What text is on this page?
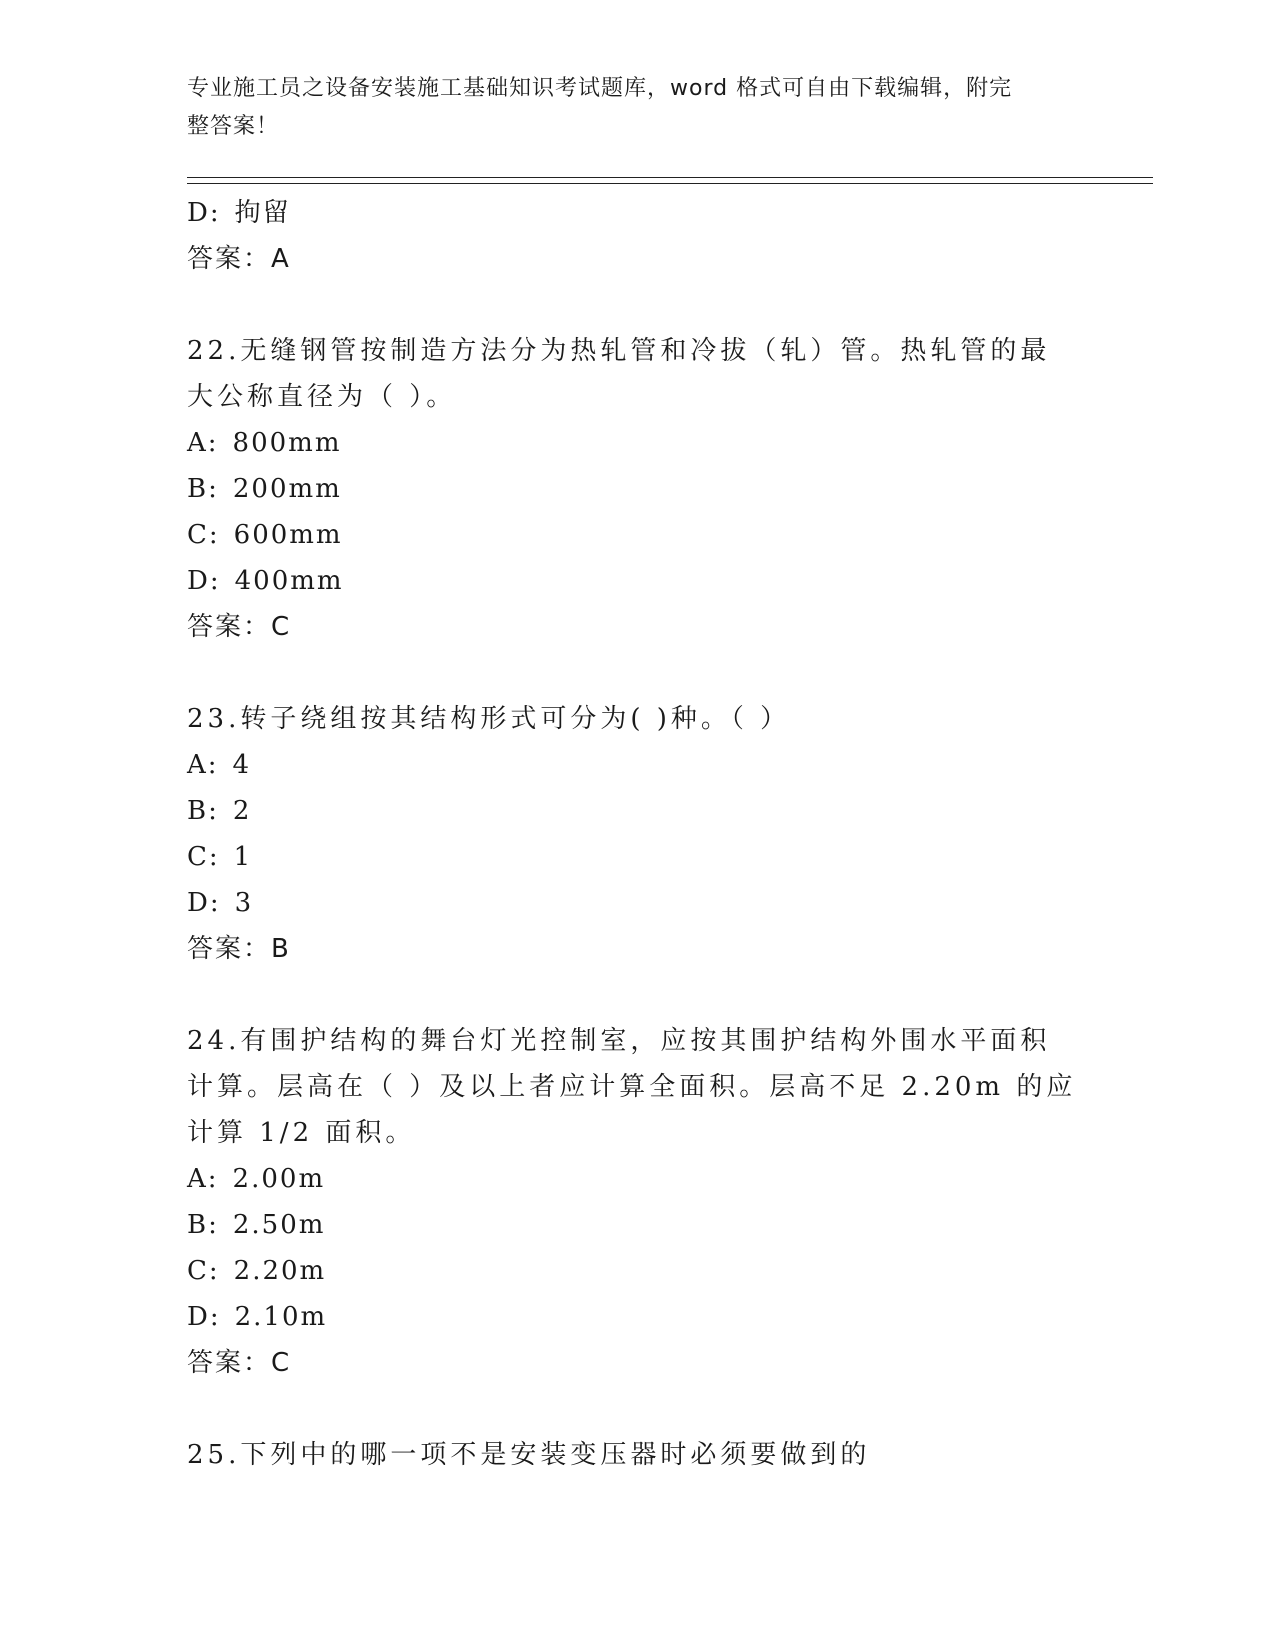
专业施工员之设备安装施工基础知识考试题库，word 格式可自由下载编辑，附完
整答案！
D: 拘留
答案：A
22.无缝钢管按制造方法分为热轧管和冷拔（轧）管。热轧管的最大公称直径为（ ）。
A: 800mm
B: 200mm
C: 600mm
D: 400mm
答案：C
23.转子绕组按其结构形式可分为( )种。（ ）
A: 4
B: 2
C: 1
D: 3
答案：B
24.有围护结构的舞台灯光控制室，应按其围护结构外围水平面积计算。层高在（ ）及以上者应计算全面积。层高不足 2.20m 的应计算 1/2 面积。
A: 2.00m
B: 2.50m
C: 2.20m
D: 2.10m
答案：C
25.下列中的哪一项不是安装变压器时必须要做到的
